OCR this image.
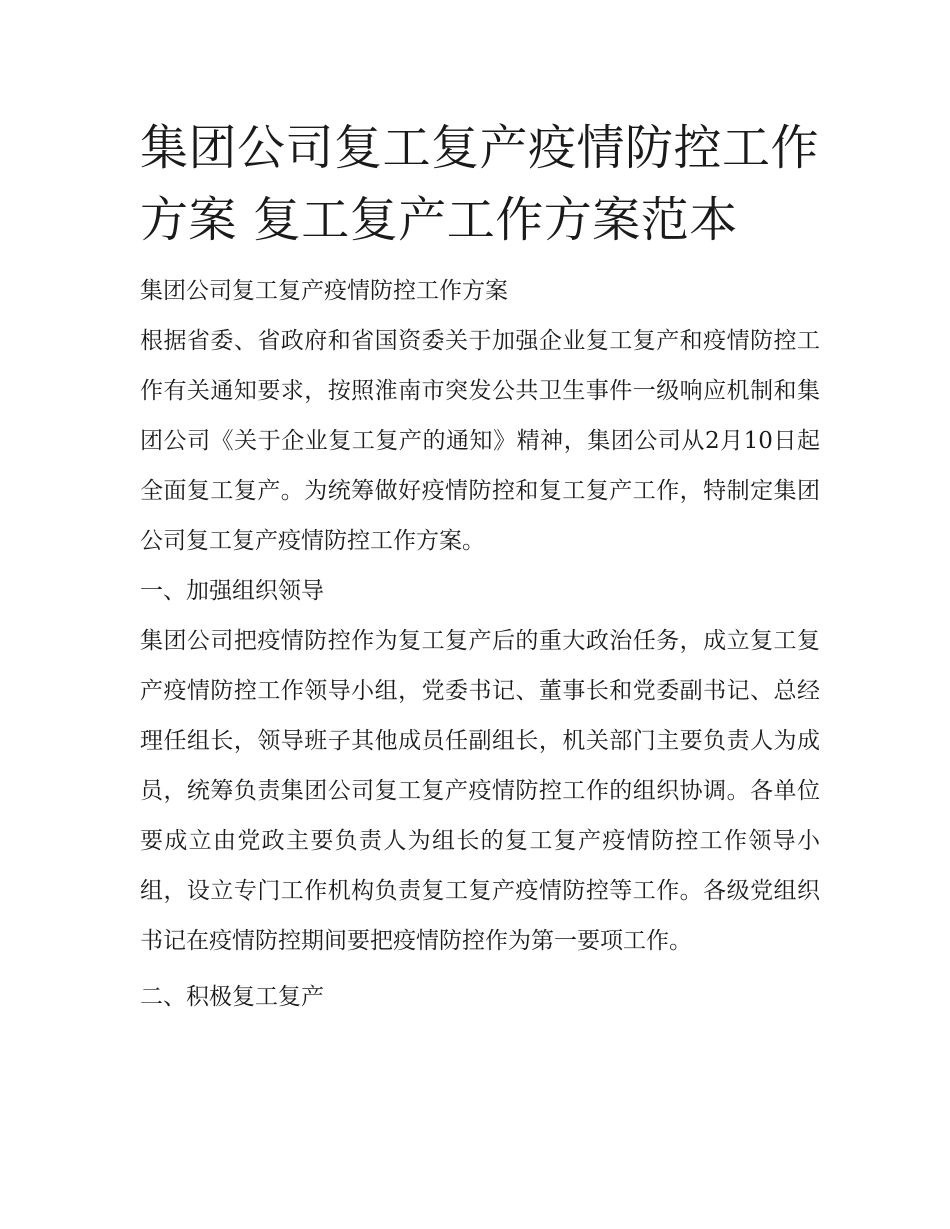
集团公司复工复产疫情防控工作方案 复工复产工作方案范本

集团公司复工复产疫情防控工作方案

根据省委、省政府和省国资委关于加强企业复工复产和疫情防控工作有关通知要求，按照淮南市突发公共卫生事件一级响应机制和集团公司《关于企业复工复产的通知》精神，集团公司从2月10日起全面复工复产。为统筹做好疫情防控和复工复产工作，特制定集团公司复工复产疫情防控工作方案。

一、加强组织领导

集团公司把疫情防控作为复工复产后的重大政治任务，成立复工复产疫情防控工作领导小组，党委书记、董事长和党委副书记、总经理任组长，领导班子其他成员任副组长，机关部门主要负责人为成员，统筹负责集团公司复工复产疫情防控工作的组织协调。各单位要成立由党政主要负责人为组长的复工复产疫情防控工作领导小组，设立专门工作机构负责复工复产疫情防控等工作。各级党组织书记在疫情防控期间要把疫情防控作为第一要项工作。

二、积极复工复产
